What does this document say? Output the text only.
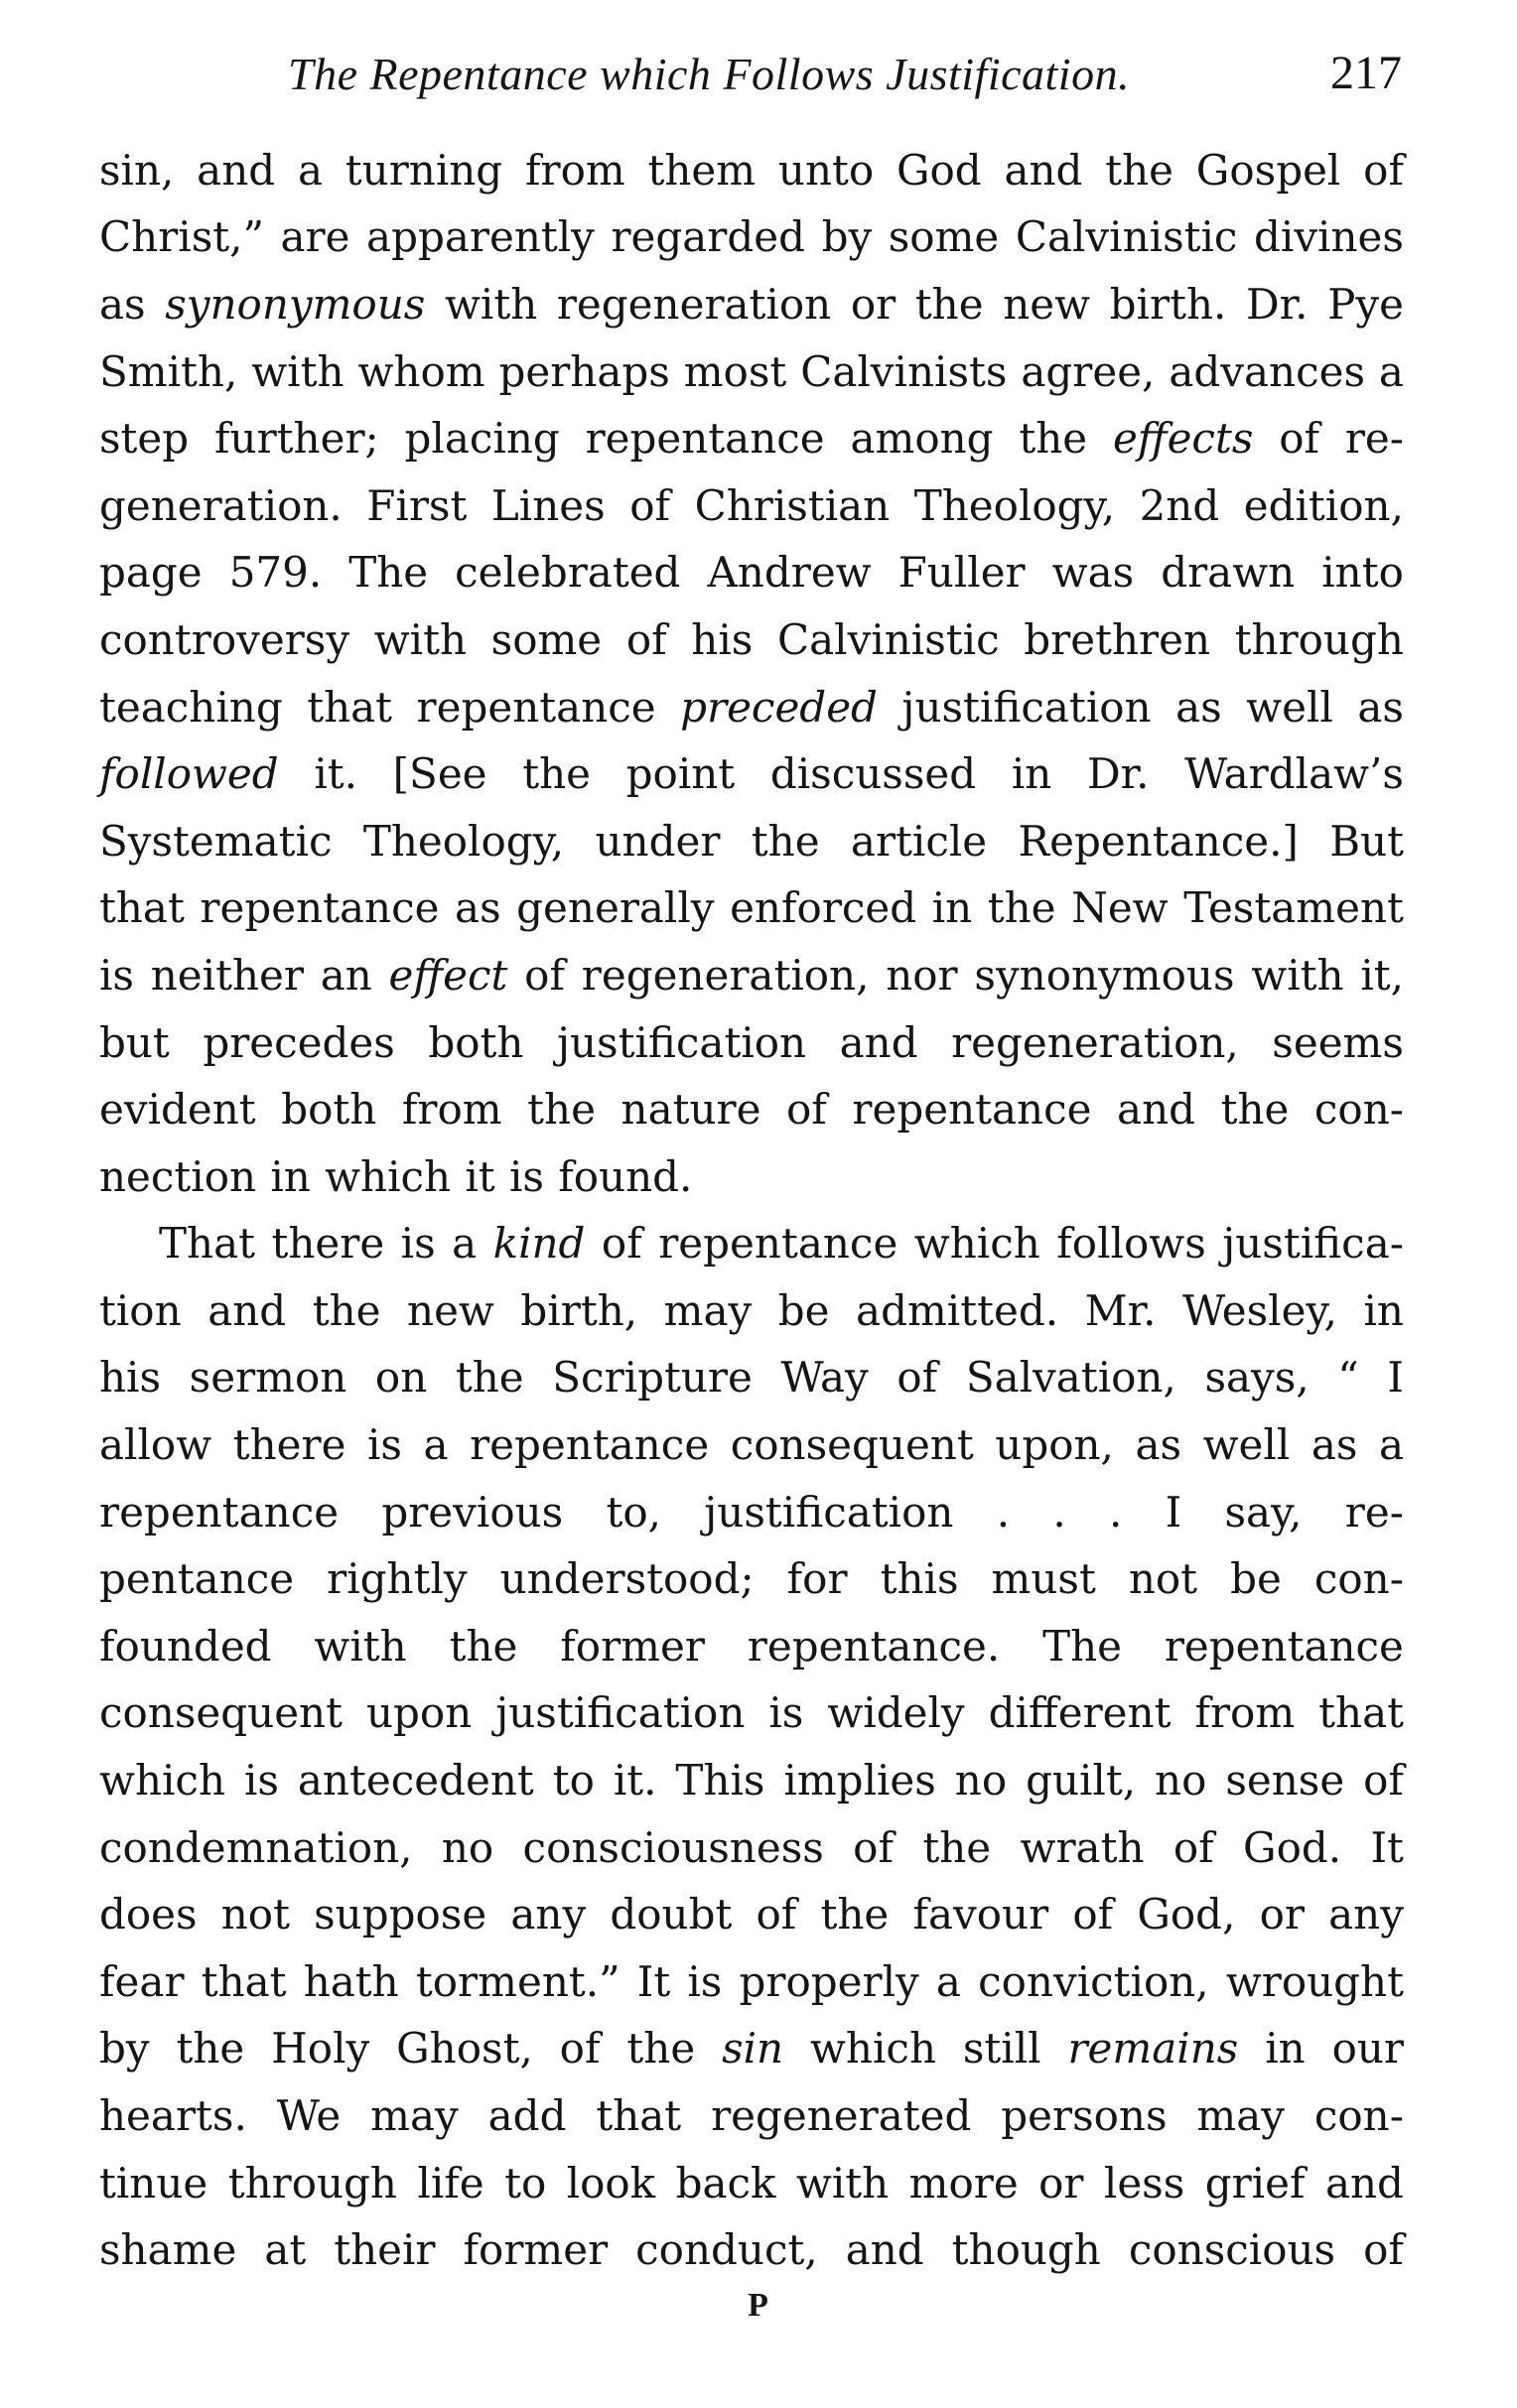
The Repentance which Follows Justification.	217
sin, and a turning from them unto God and the Gospel of
Christ,” are apparently regarded by some Calvinistic divines
as synonymous with regeneration or the new birth. Dr. Pye
Smith, with whom perhaps most Calvinists agree, advances a
step further; placing repentance among the effects of re-
generation. First Lines of Christian Theology, 2nd edition,
page 579. The celebrated Andrew Fuller was drawn into
controversy with some of his Calvinistic brethren through
teaching that repentance preceded justification as well as
followed it. [See the point discussed in Dr. Wardlaw’s
Systematic Theology, under the article Repentance.] But
that repentance as generally enforced in the New Testament
is neither an effect of regeneration, nor synonymous with it,
but precedes both justification and regeneration, seems
evident both from the nature of repentance and the con-
nection in which it is found.
That there is a kind of repentance which follows justifica-
tion and the new birth, may be admitted. Mr. Wesley, in
his sermon on the Scripture Way of Salvation, says, “ I
allow there is a repentance consequent upon, as well as a
repentance previous to, justification . . . I say, re-
pentance rightly understood; for this must not be con-
founded with the former repentance. The repentance
consequent upon justification is widely different from that
which is antecedent to it. This implies no guilt, no sense of
condemnation, no consciousness of the wrath of God. It
does not suppose any doubt of the favour of God, or any
fear that hath torment.” It is properly a conviction, wrought
by the Holy Ghost, of the sin which still remains in our
hearts. We may add that regenerated persons may con-
tinue through life to look back with more or less grief and
shame at their former conduct, and though conscious of
P
